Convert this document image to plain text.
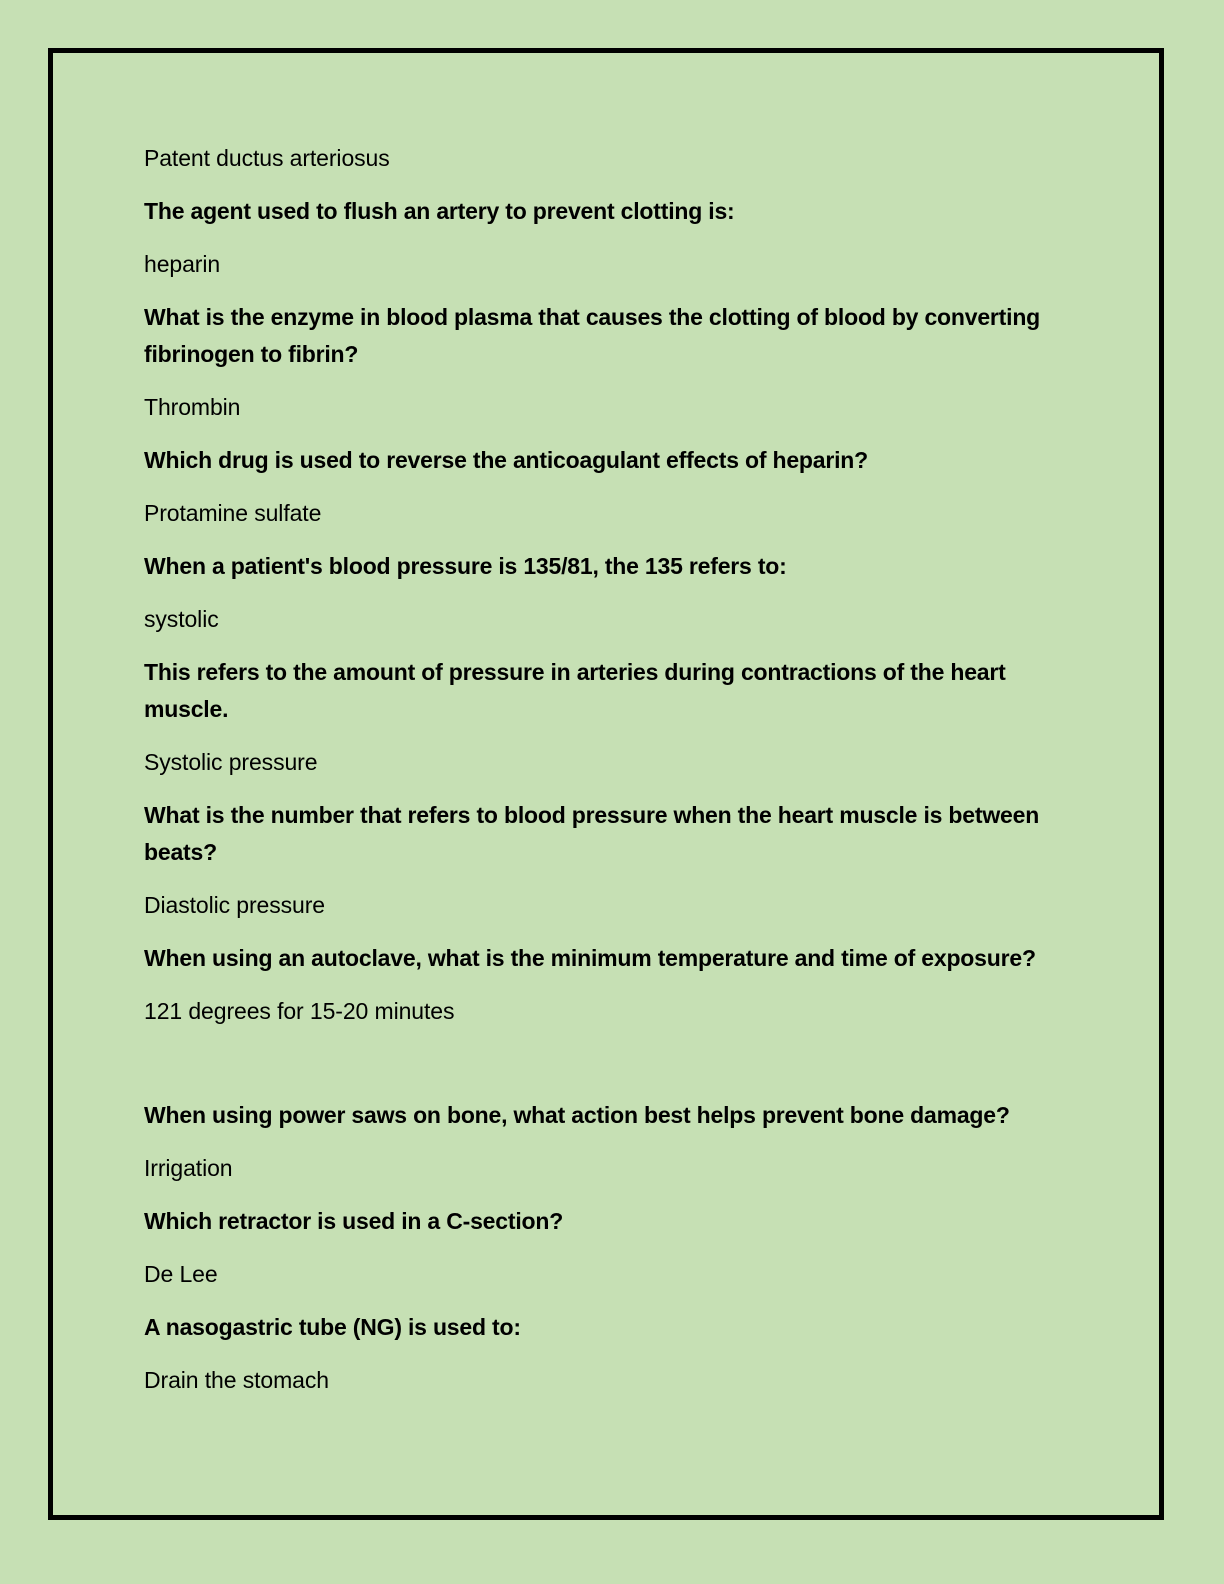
Patent ductus arteriosus

The agent used to flush an artery to prevent clotting is:

heparin

What is the enzyme in blood plasma that causes the clotting of blood by converting fibrinogen to fibrin?

Thrombin

Which drug is used to reverse the anticoagulant effects of heparin?

Protamine sulfate

When a patient's blood pressure is 135/81, the 135 refers to:

systolic

This refers to the amount of pressure in arteries during contractions of the heart muscle.

Systolic pressure

What is the number that refers to blood pressure when the heart muscle is between beats?

Diastolic pressure

When using an autoclave, what is the minimum temperature and time of exposure?

121 degrees for 15-20 minutes

When using power saws on bone, what action best helps prevent bone damage?

Irrigation

Which retractor is used in a C-section?

De Lee

A nasogastric tube (NG) is used to:

Drain the stomach
